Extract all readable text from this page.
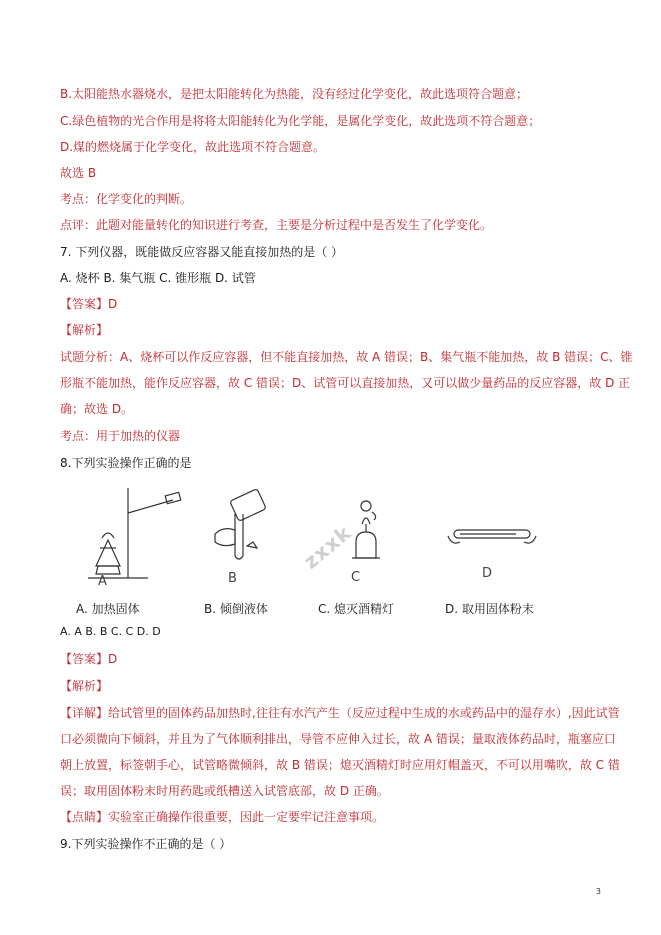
B.太阳能热水器烧水，是把太阳能转化为热能，没有经过化学变化，故此选项符合题意；
C.绿色植物的光合作用是将将太阳能转化为化学能，是属化学变化，故此选项不符合题意；
D.煤的燃烧属于化学变化，故此选项不符合题意。
故选 B
考点：化学变化的判断。
点评：此题对能量转化的知识进行考查，主要是分析过程中是否发生了化学变化。
7. 下列仪器，既能做反应容器又能直接加热的是（ ）
A. 烧杯 B. 集气瓶 C. 锥形瓶 D. 试管
【答案】D
【解析】
试题分析：A、烧杯可以作反应容器，但不能直接加热，故 A 错误；B、集气瓶不能加热，故 B 错误；C、锥
形瓶不能加热，能作反应容器，故 C 错误；D、试管可以直接加热，又可以做少量药品的反应容器，故 D 正
确；故选 D。
考点：用于加热的仪器
8.下列实验操作正确的是
A	B	C	D
zxxk
A. 加热固体	B. 倾倒液体	C. 熄灭酒精灯	D. 取用固体粉末
A. A B. B C. C D. D
【答案】D
【解析】
【详解】给试管里的固体药品加热时,往往有水汽产生（反应过程中生成的水或药品中的湿存水）,因此试管
口必须微向下倾斜，并且为了气体顺利排出，导管不应伸入过长，故 A 错误；量取液体药品时，瓶塞应口
朝上放置，标签朝手心，试管略微倾斜，故 B 错误；熄灭酒精灯时应用灯帽盖灭，不可以用嘴吹，故 C 错
误；取用固体粉末时用药匙或纸槽送入试管底部，故 D 正确。
【点睛】实验室正确操作很重要，因此一定要牢记注意事项。
9.下列实验操作不正确的是（ ）
3
